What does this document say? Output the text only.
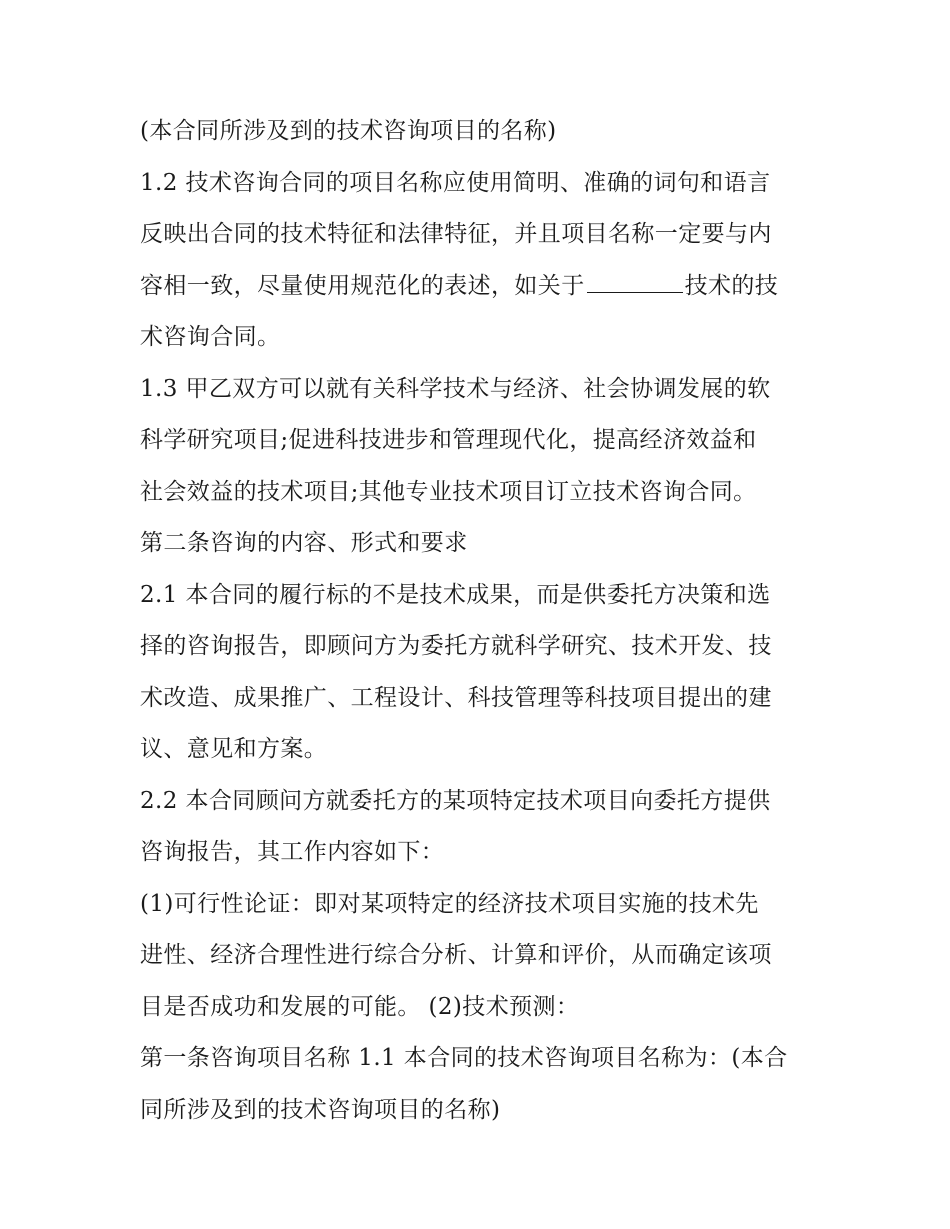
(本合同所涉及到的技术咨询项目的名称)
1.2 技术咨询合同的项目名称应使用简明、准确的词句和语言
反映出合同的技术特征和法律特征，并且项目名称一定要与内
容相一致，尽量使用规范化的表述，如关于	技术的技
术咨询合同。
1.3 甲乙双方可以就有关科学技术与经济、社会协调发展的软
科学研究项目;促进科技进步和管理现代化，提高经济效益和
社会效益的技术项目;其他专业技术项目订立技术咨询合同。
第二条咨询的内容、形式和要求
2.1 本合同的履行标的不是技术成果，而是供委托方决策和选
择的咨询报告，即顾问方为委托方就科学研究、技术开发、技
术改造、成果推广、工程设计、科技管理等科技项目提出的建
议、意见和方案。
2.2 本合同顾问方就委托方的某项特定技术项目向委托方提供
咨询报告，其工作内容如下：
(1)可行性论证：即对某项特定的经济技术项目实施的技术先
进性、经济合理性进行综合分析、计算和评价，从而确定该项
目是否成功和发展的可能。 (2)技术预测：
第一条咨询项目名称 1.1 本合同的技术咨询项目名称为：(本合
同所涉及到的技术咨询项目的名称)
